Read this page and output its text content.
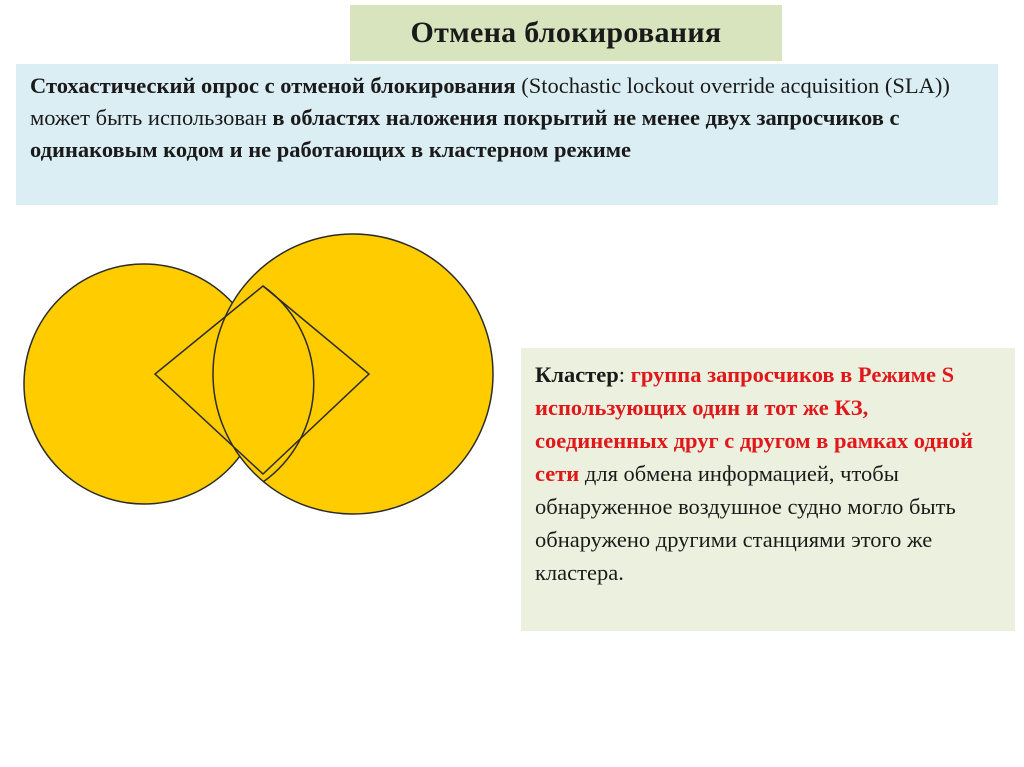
Отмена блокирования
Стохастический опрос с отменой блокирования (Stochastic lockout override acquisition (SLA)) может быть использован в областях наложения покрытий не менее двух запросчиков с одинаковым кодом и не работающих в кластерном режиме
Кластер: группа запросчиков в Режиме S использующих один и тот же КЗ, соединенных друг с другом в рамках одной сети для обмена информацией, чтобы обнаруженное воздушное судно могло быть обнаружено другими станциями этого же кластера.
